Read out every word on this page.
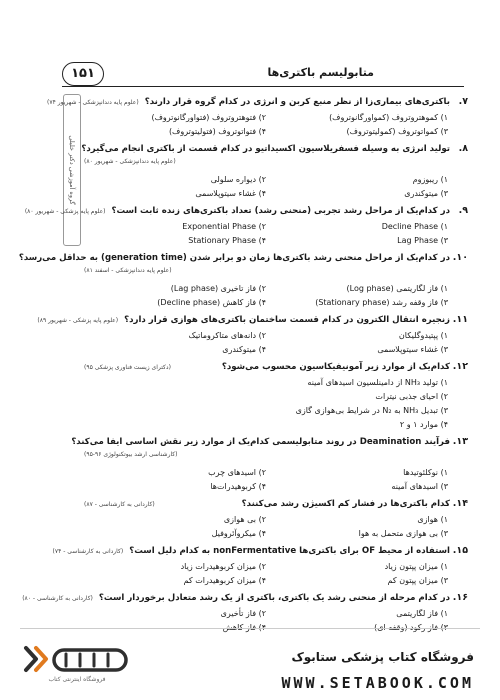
۱۵۱	متابولیسم باکتری‌ها
گروه آموزشی دکتر خلیلی
۷.
باکتری‌های بیماری‌زا از نظر منبع کربن و انرژی در کدام گروه قرار دارند؟
(علوم پایه دندانپزشکی - شهریور ۷۴)
۱) کموهتروتروف (کمواورگانوتروف)
۲) فتوهتروتروف (فتواورگانوتروف)
۳) کمواتوتروف (کمولیتوتروف)
۴) فتواتوتروف (فتولیتوتروف)
۸.
تولید انرژی به وسیله فسفریلاسیون اکسیداتیو در کدام قسمت از باکتری انجام می‌گیرد؟
(علوم پایه دندانپزشکی - شهریور ۸۰)
۱) ریبوزوم
۲) دیواره سلولی
۳) میتوکندری
۴) غشاء سیتوپلاسمی
۹.
در کدام‌یک از مراحل رشد تجربی (منحنی رشد) تعداد باکتری‌های زنده ثابت است؟
(علوم پایه پزشکی - شهریور ۸۰)
Decline Phase (۱
Exponential Phase (۲
Lag Phase (۳
Stationary Phase (۴
۱۰.
در کدام‌یک از مراحل منحنی رشد باکتری‌ها زمان دو برابر شدن (generation time) به حداقل می‌رسد؟
(علوم پایه دندانپزشکی - اسفند ۸۱)
۱) فاز لگاریتمی (Log phase)
۲) فاز تاخیری (Lag phase)
۳) فاز وقفه رشد (Stationary phase)
۴) فاز کاهش (Decline phase)
۱۱.
زنجیره انتقال الکترون در کدام قسمت ساختمان باکتری‌های هوازی قرار دارد؟
(علوم پایه پزشکی - شهریور ۸۹)
۱) پپتیدوگلیکان
۲) دانه‌های متاکروماتیک
۳) غشاء سیتوپلاسمی
۴) میتوکندری
۱۲.
کدام‌یک از موارد زیر آمونیفیکاسیون محسوب می‌شود؟
(دکترای زیست فناوری پزشکی ۹۵)
۱) تولید NH₃ از دامینلسیون اسیدهای آمینه
۲) احیای جذبی نیترات
۳) تبدیل NH₃ به N₂ در شرایط بی‌هوازی گازی
۴) موارد ۱ و ۲
۱۳.
فرآیند Deamination در روند متابولیسمی کدام‌یک از موارد زیر نقش اساسی ایفا می‌کند؟
(کارشناسی ارشد بیوتکنولوژی ۹۶-۹۵)
۱) نوکلئوتیدها
۲) اسیدهای چرب
۳) اسیدهای آمینه
۴) کربوهیدرات‌ها
۱۴.
کدام باکتری‌ها در فشار کم اکسیژن رشد می‌کنند؟
(کاردانی به کارشناسی - ۸۷)
۱) هوازی
۲) بی هوازی
۳) بی هوازی متحمل به هوا
۴) میکروآئروفیل
۱۵.
استفاده از محیط OF برای باکتری‌ها nonFermentative به کدام دلیل است؟
(کاردانی به کارشناسی - ۷۴)
۱) میزان پپتون زیاد
۲) میزان کربوهیدرات زیاد
۳) میزان پپتون کم
۴) میزان کربوهیدرات کم
۱۶.
در کدام مرحله از منحنی رشد یک باکتری، باکتری از یک رشد متعادل برخوردار است؟
(کاردانی به کارشناسی - ۸۰)
۱) فاز لگاریتمی
۲) فاز تأخیری
۳) فاز رکود (وقفه ای)
۴) فاز کاهش
فروشگاه اینترنتی کتاب
فروشگاه کتاب پزشکی ستابوک
WWW.SETABOOK.COM
